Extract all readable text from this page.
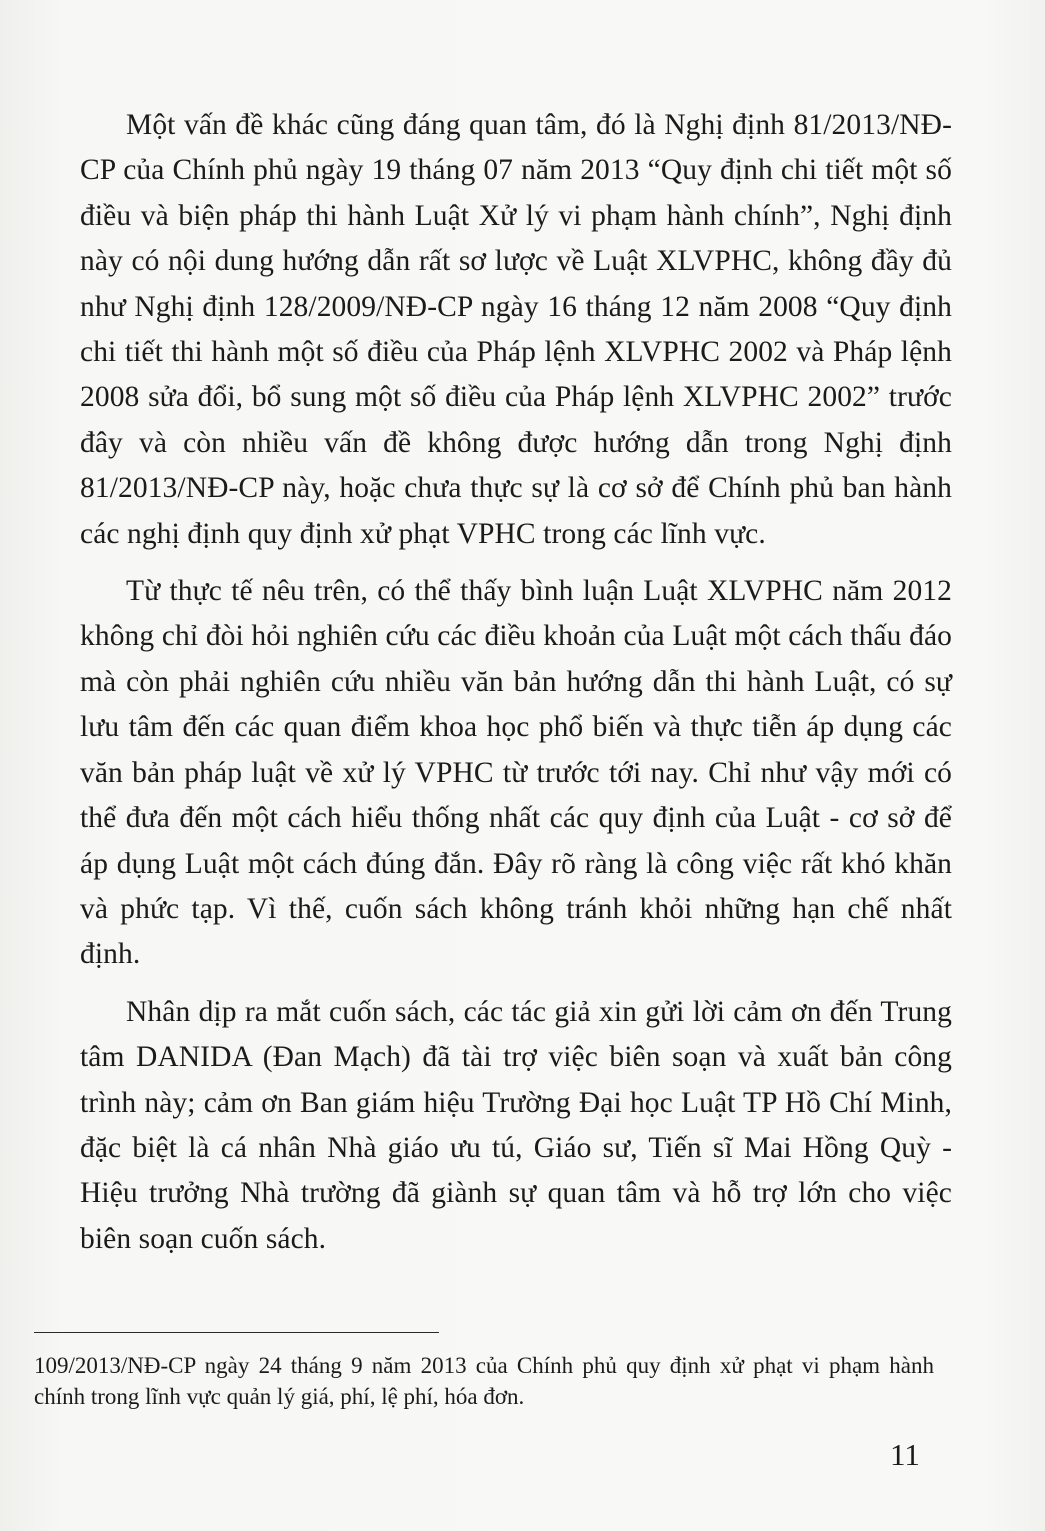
Một vấn đề khác cũng đáng quan tâm, đó là Nghị định 81/2013/NĐ-CP của Chính phủ ngày 19 tháng 07 năm 2013 “Quy định chi tiết một số điều và biện pháp thi hành Luật Xử lý vi phạm hành chính”, Nghị định này có nội dung hướng dẫn rất sơ lược về Luật XLVPHC, không đầy đủ như Nghị định 128/2009/NĐ-CP ngày 16 tháng 12 năm 2008 “Quy định chi tiết thi hành một số điều của Pháp lệnh XLVPHC 2002 và Pháp lệnh 2008 sửa đổi, bổ sung một số điều của Pháp lệnh XLVPHC 2002” trước đây và còn nhiều vấn đề không được hướng dẫn trong Nghị định 81/2013/NĐ-CP này, hoặc chưa thực sự là cơ sở để Chính phủ ban hành các nghị định quy định xử phạt VPHC trong các lĩnh vực.

Từ thực tế nêu trên, có thể thấy bình luận Luật XLVPHC năm 2012 không chỉ đòi hỏi nghiên cứu các điều khoản của Luật một cách thấu đáo mà còn phải nghiên cứu nhiều văn bản hướng dẫn thi hành Luật, có sự lưu tâm đến các quan điểm khoa học phổ biến và thực tiễn áp dụng các văn bản pháp luật về xử lý VPHC từ trước tới nay. Chỉ như vậy mới có thể đưa đến một cách hiểu thống nhất các quy định của Luật - cơ sở để áp dụng Luật một cách đúng đắn. Đây rõ ràng là công việc rất khó khăn và phức tạp. Vì thế, cuốn sách không tránh khỏi những hạn chế nhất định.

Nhân dịp ra mắt cuốn sách, các tác giả xin gửi lời cảm ơn đến Trung tâm DANIDA (Đan Mạch) đã tài trợ việc biên soạn và xuất bản công trình này; cảm ơn Ban giám hiệu Trường Đại học Luật TP Hồ Chí Minh, đặc biệt là cá nhân Nhà giáo ưu tú, Giáo sư, Tiến sĩ Mai Hồng Quỳ - Hiệu trưởng Nhà trường đã giành sự quan tâm và hỗ trợ lớn cho việc biên soạn cuốn sách.

109/2013/NĐ-CP ngày 24 tháng 9 năm 2013 của Chính phủ quy định xử phạt vi phạm hành chính trong lĩnh vực quản lý giá, phí, lệ phí, hóa đơn.

11
